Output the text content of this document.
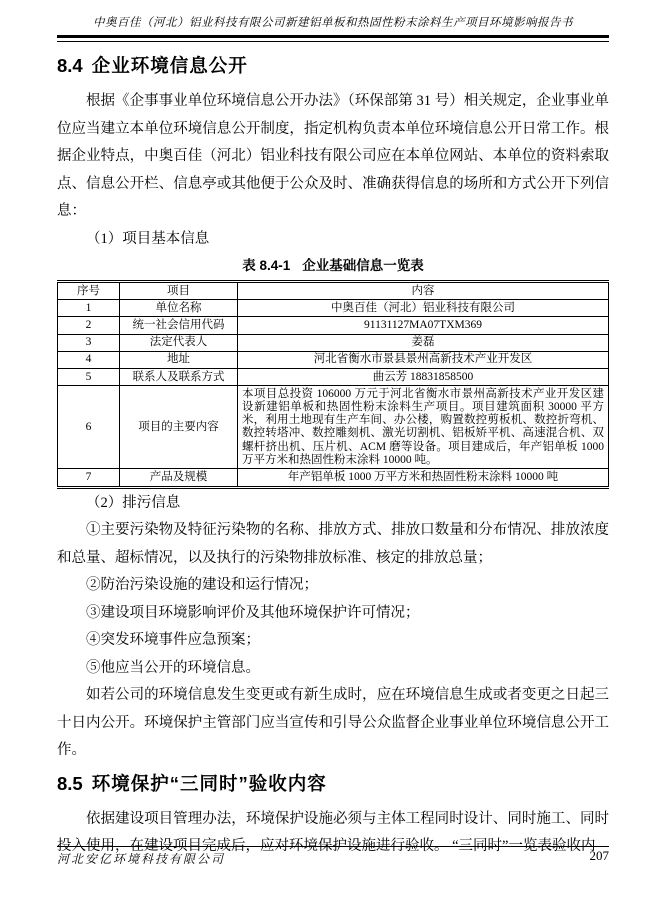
中奥百佳（河北）铝业科技有限公司新建铝单板和热固性粉末涂料生产项目环境影响报告书
8.4 企业环境信息公开

根据《企事事业单位环境信息公开办法》（环保部第 31 号）相关规定，企业事业单位应当建立本单位环境信息公开制度，指定机构负责本单位环境信息公开日常工作。根据企业特点，中奥百佳（河北）铝业科技有限公司应在本单位网站、本单位的资料索取点、信息公开栏、信息亭或其他便于公众及时、准确获得信息的场所和方式公开下列信息：

（1）项目基本信息

表 8.4-1 企业基础信息一览表
序号	项目	内容
1	单位名称	中奥百佳（河北）铝业科技有限公司
2	统一社会信用代码	91131127MA07TXM369
3	法定代表人	姜磊
4	地址	河北省衡水市景县景州高新技术产业开发区
5	联系人及联系方式	曲云芳 18831858500
6	项目的主要内容	本项目总投资 106000 万元于河北省衡水市景州高新技术产业开发区建设新建铝单板和热固性粉末涂料生产项目。项目建筑面积 30000 平方米，利用土地现有生产车间、办公楼，购置数控剪板机、数控折弯机、数控转塔冲、数控雕刻机、激光切割机、铝板矫平机、高速混合机、双螺杆挤出机、压片机、ACM 磨等设备。项目建成后，年产铝单板 1000 万平方米和热固性粉末涂料 10000 吨。
7	产品及规模	年产铝单板 1000 万平方米和热固性粉末涂料 10000 吨

（2）排污信息

①主要污染物及特征污染物的名称、排放方式、排放口数量和分布情况、排放浓度和总量、超标情况，以及执行的污染物排放标准、核定的排放总量；

②防治污染设施的建设和运行情况；

③建设项目环境影响评价及其他环境保护许可情况；

④突发环境事件应急预案；

⑤他应当公开的环境信息。

如若公司的环境信息发生变更或有新生成时，应在环境信息生成或者变更之日起三十日内公开。环境保护主管部门应当宣传和引导公众监督企业事业单位环境信息公开工作。

8.5 环境保护“三同时”验收内容

依据建设项目管理办法，环境保护设施必须与主体工程同时设计、同时施工、同时投入使用，在建设项目完成后，应对环境保护设施进行验收。 “三同时”一览表验收内

河北安亿环境科技有限公司	207
